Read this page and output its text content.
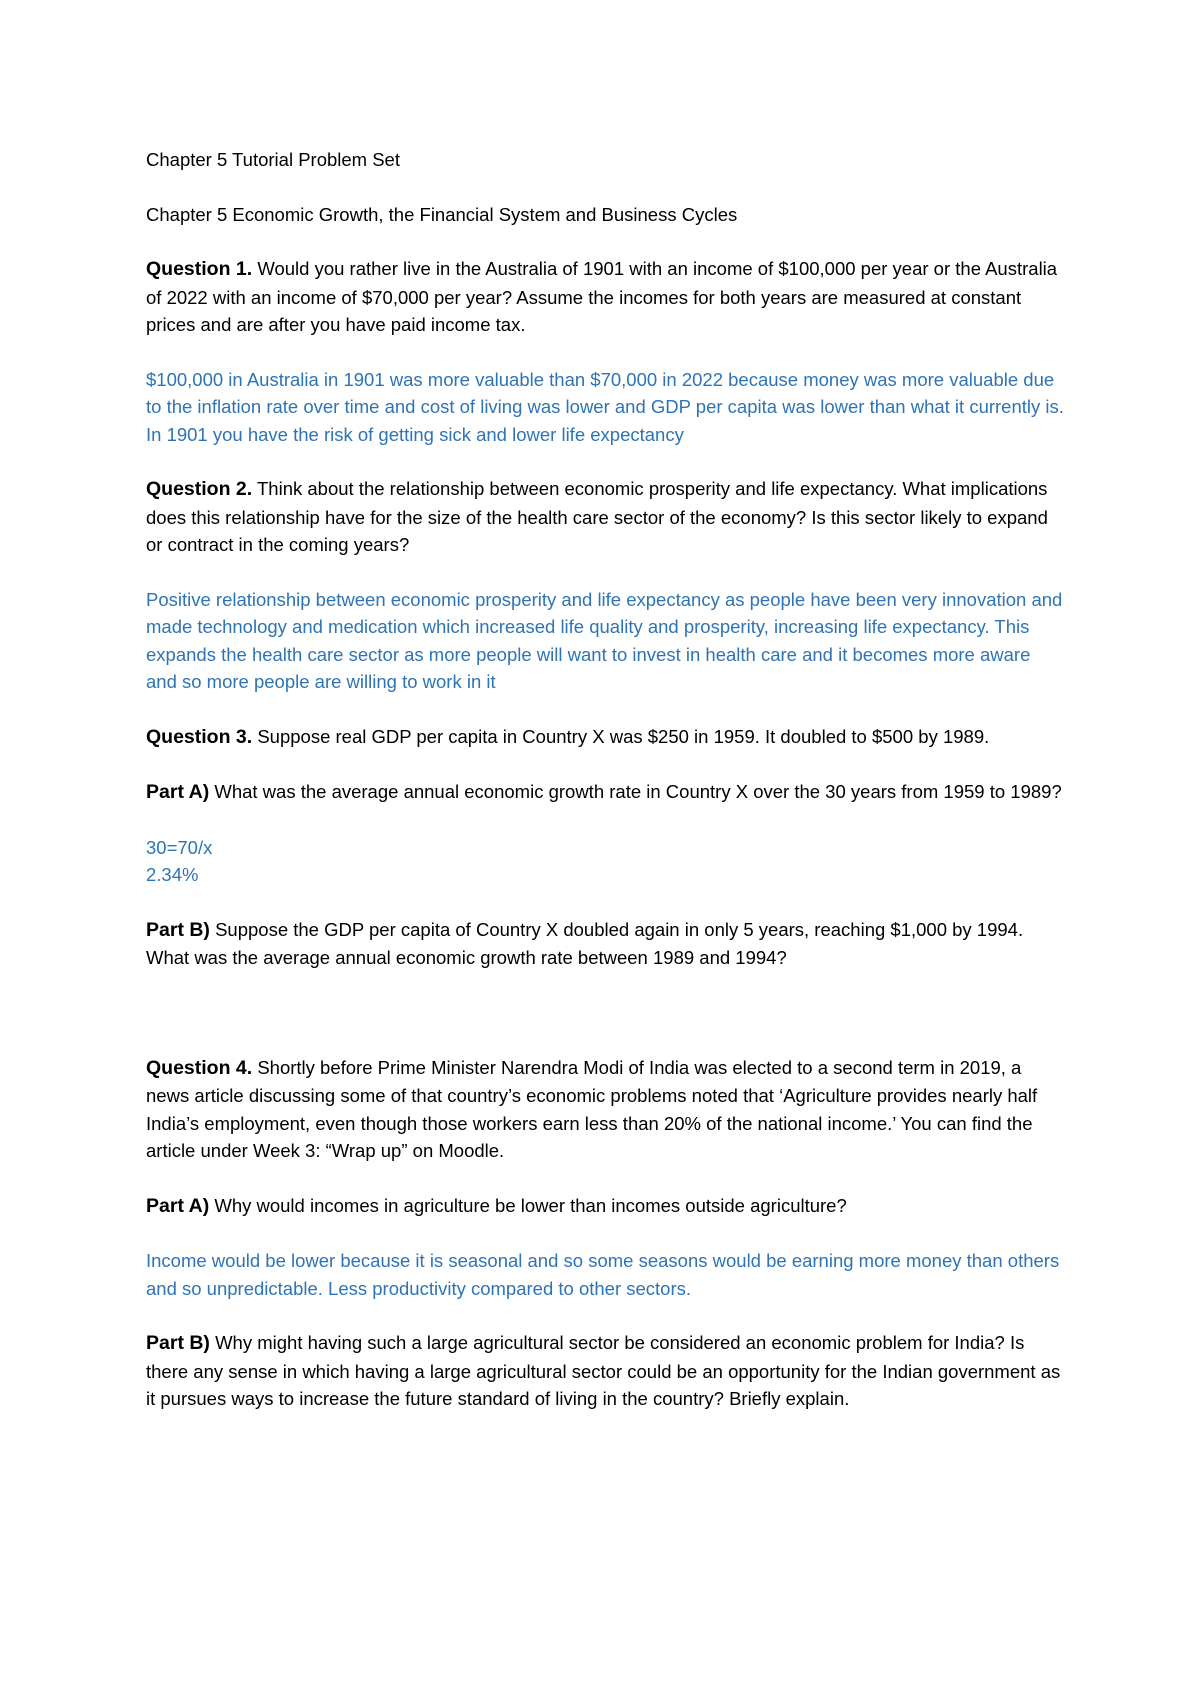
Chapter 5 Tutorial Problem Set

Chapter 5 Economic Growth, the Financial System and Business Cycles

Question 1. Would you rather live in the Australia of 1901 with an income of $100,000 per year or the Australia of 2022 with an income of $70,000 per year? Assume the incomes for both years are measured at constant prices and are after you have paid income tax.

$100,000 in Australia in 1901 was more valuable than $70,000 in 2022 because money was more valuable due to the inflation rate over time and cost of living was lower and GDP per capita was lower than what it currently is. In 1901 you have the risk of getting sick and lower life expectancy

Question 2. Think about the relationship between economic prosperity and life expectancy. What implications does this relationship have for the size of the health care sector of the economy? Is this sector likely to expand or contract in the coming years?

Positive relationship between economic prosperity and life expectancy as people have been very innovation and made technology and medication which increased life quality and prosperity, increasing life expectancy. This expands the health care sector as more people will want to invest in health care and it becomes more aware and so more people are willing to work in it

Question 3. Suppose real GDP per capita in Country X was $250 in 1959. It doubled to $500 by 1989.

Part A) What was the average annual economic growth rate in Country X over the 30 years from 1959 to 1989?

30=70/x

2.34%

Part B) Suppose the GDP per capita of Country X doubled again in only 5 years, reaching $1,000 by 1994. What was the average annual economic growth rate between 1989 and 1994?

Question 4. Shortly before Prime Minister Narendra Modi of India was elected to a second term in 2019, a news article discussing some of that country’s economic problems noted that ‘Agriculture provides nearly half India’s employment, even though those workers earn less than 20% of the national income.’ You can find the article under Week 3: “Wrap up” on Moodle.

Part A) Why would incomes in agriculture be lower than incomes outside agriculture?

Income would be lower because it is seasonal and so some seasons would be earning more money than others and so unpredictable. Less productivity compared to other sectors.

Part B) Why might having such a large agricultural sector be considered an economic problem for India? Is there any sense in which having a large agricultural sector could be an opportunity for the Indian government as it pursues ways to increase the future standard of living in the country? Briefly explain.
